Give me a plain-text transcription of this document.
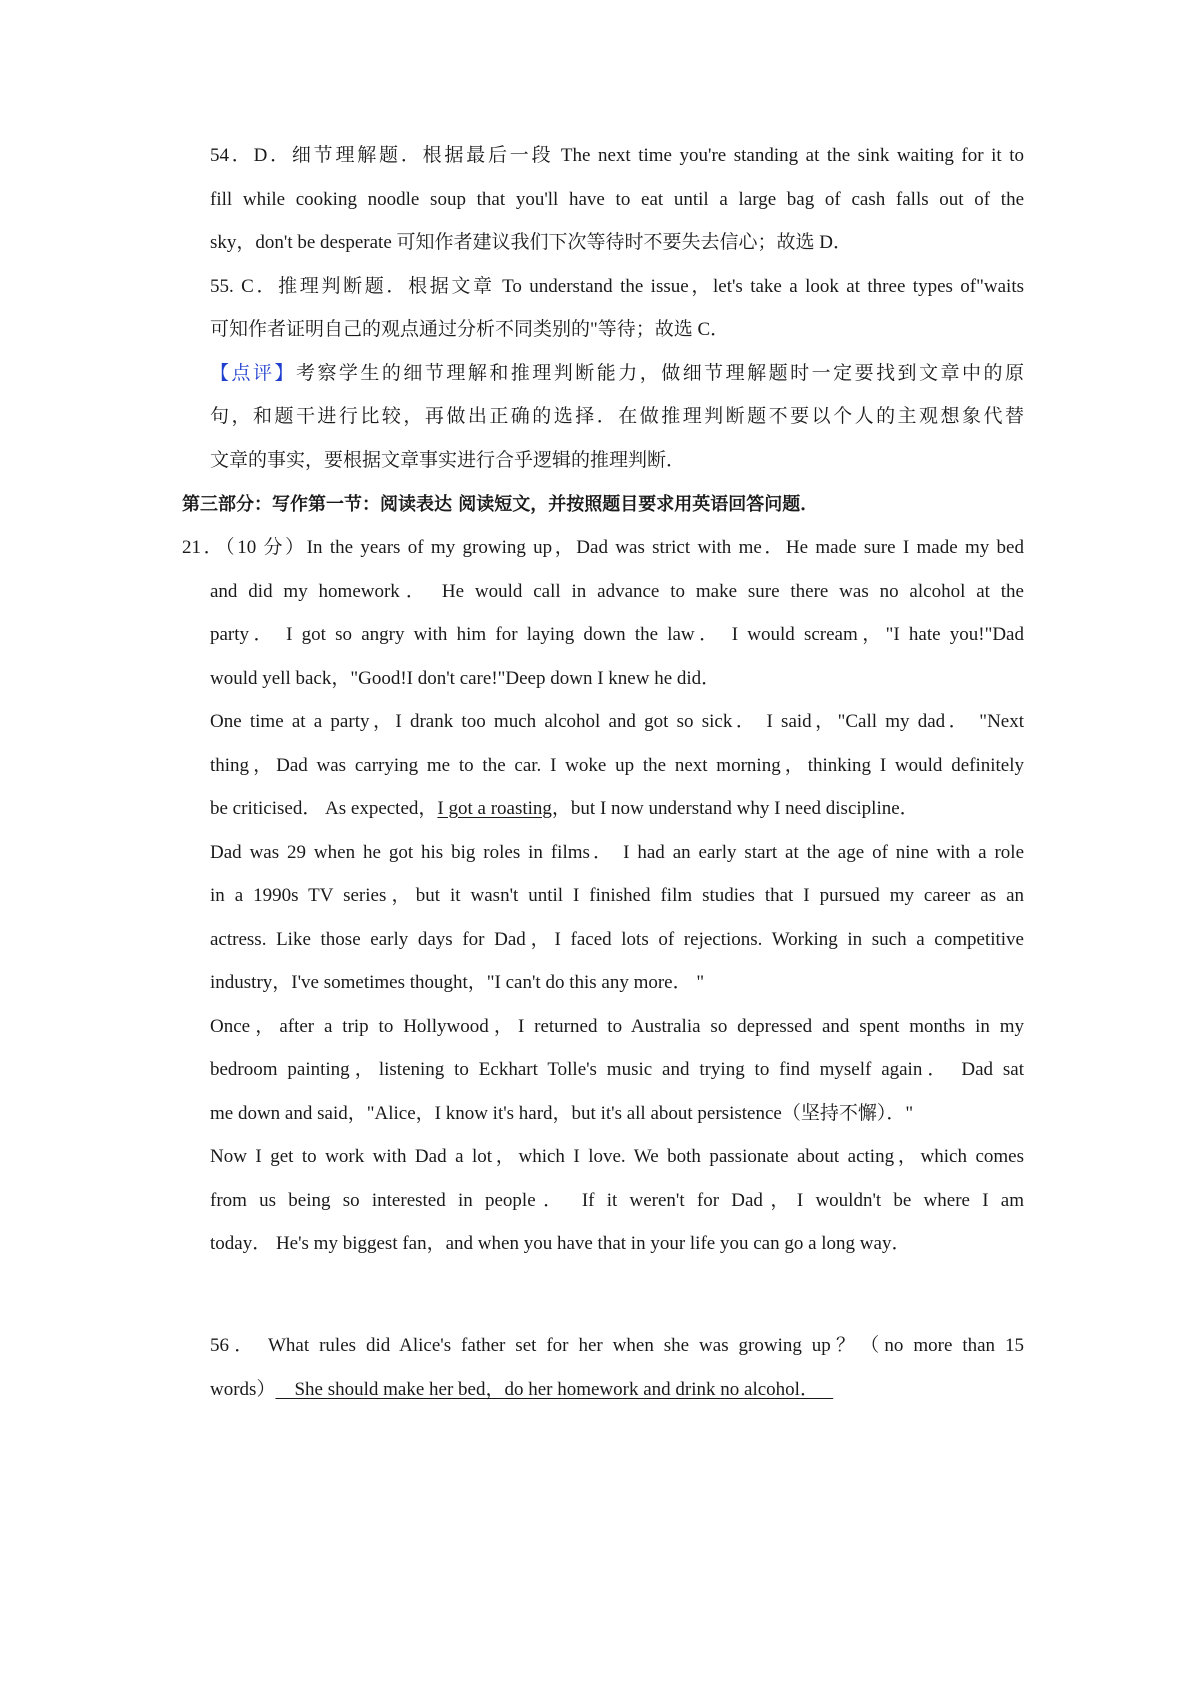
54．D．细节理解题．根据最后一段 The next time you're standing at the sink waiting for it to
fill while cooking noodle soup that you'll have to eat until a large bag of cash falls out of the
sky，don't be desperate 可知作者建议我们下次等待时不要失去信心；故选 D．
55. C．推理判断题．根据文章 To understand the issue，let's take a look at three types of"waits
可知作者证明自己的观点通过分析不同类别的"等待；故选 C．
【点评】考察学生的细节理解和推理判断能力，做细节理解题时一定要找到文章中的原
句，和题干进行比较，再做出正确的选择．在做推理判断题不要以个人的主观想象代替
文章的事实，要根据文章事实进行合乎逻辑的推理判断．
第三部分：写作第一节：阅读表达 阅读短文，并按照题目要求用英语回答问题．
21．（10 分）In the years of my growing up，Dad was strict with me．He made sure I made my bed
and did my homework． He would call in advance to make sure there was no alcohol at the
party． I got so angry with him for laying down the law． I would scream，"I hate you!"Dad
would yell back，"Good!I don't care!"Deep down I knew he did．
One time at a party，I drank too much alcohol and got so sick． I said，"Call my dad． "Next
thing，Dad was carrying me to the car. I woke up the next morning，thinking I would definitely
be criticised． As expected，I got a roasting，but I now understand why I need discipline．
Dad was 29 when he got his big roles in films． I had an early start at the age of nine with a role
in a 1990s TV series，but it wasn't until I finished film studies that I pursued my career as an
actress. Like those early days for Dad，I faced lots of rejections. Working in such a competitive
industry，I've sometimes thought，"I can't do this any more． "
Once，after a trip to Hollywood，I returned to Australia so depressed and spent months in my
bedroom painting，listening to Eckhart Tolle's music and trying to find myself again． Dad sat
me down and said，"Alice，I know it's hard，but it's all about persistence（坚持不懈）．"
Now I get to work with Dad a lot，which I love. We both passionate about acting，which comes
from us being so interested in people． If it weren't for Dad，I wouldn't be where I am
today． He's my biggest fan，and when you have that in your life you can go a long way．
56． What rules did Alice's father set for her when she was growing up？（no more than 15
words）    She should make her bed，do her homework and drink no alcohol．
